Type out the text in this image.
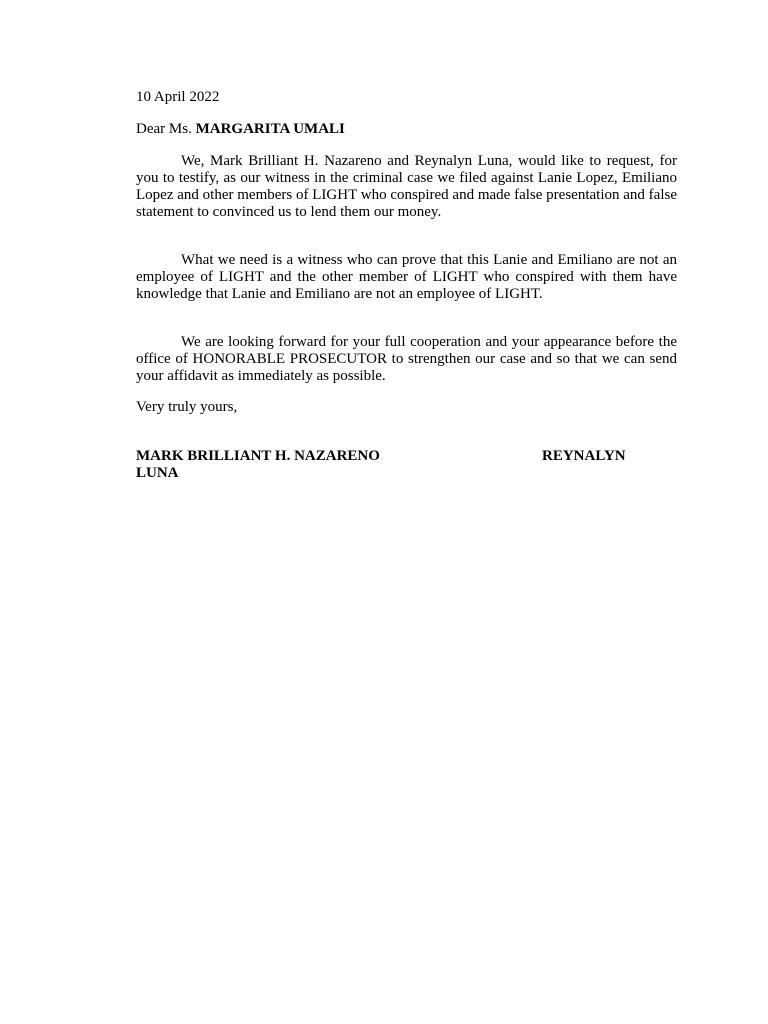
10 April 2022
Dear Ms. MARGARITA UMALI

We, Mark Brilliant H. Nazareno and Reynalyn Luna, would like to request, for you to testify, as our witness in the criminal case we filed against Lanie Lopez, Emiliano Lopez and other members of LIGHT who conspired and made false presentation and false statement to convinced us to lend them our money.

What we need is a witness who can prove that this Lanie and Emiliano are not an employee of LIGHT and the other member of LIGHT who conspired with them have knowledge that Lanie and Emiliano are not an employee of LIGHT.

We are looking forward for your full cooperation and your appearance before the office of HONORABLE PROSECUTOR to strengthen our case and so that we can send your affidavit as immediately as possible.

Very truly yours,
MARK BRILLIANT H. NAZARENO	REYNALYN
LUNA
